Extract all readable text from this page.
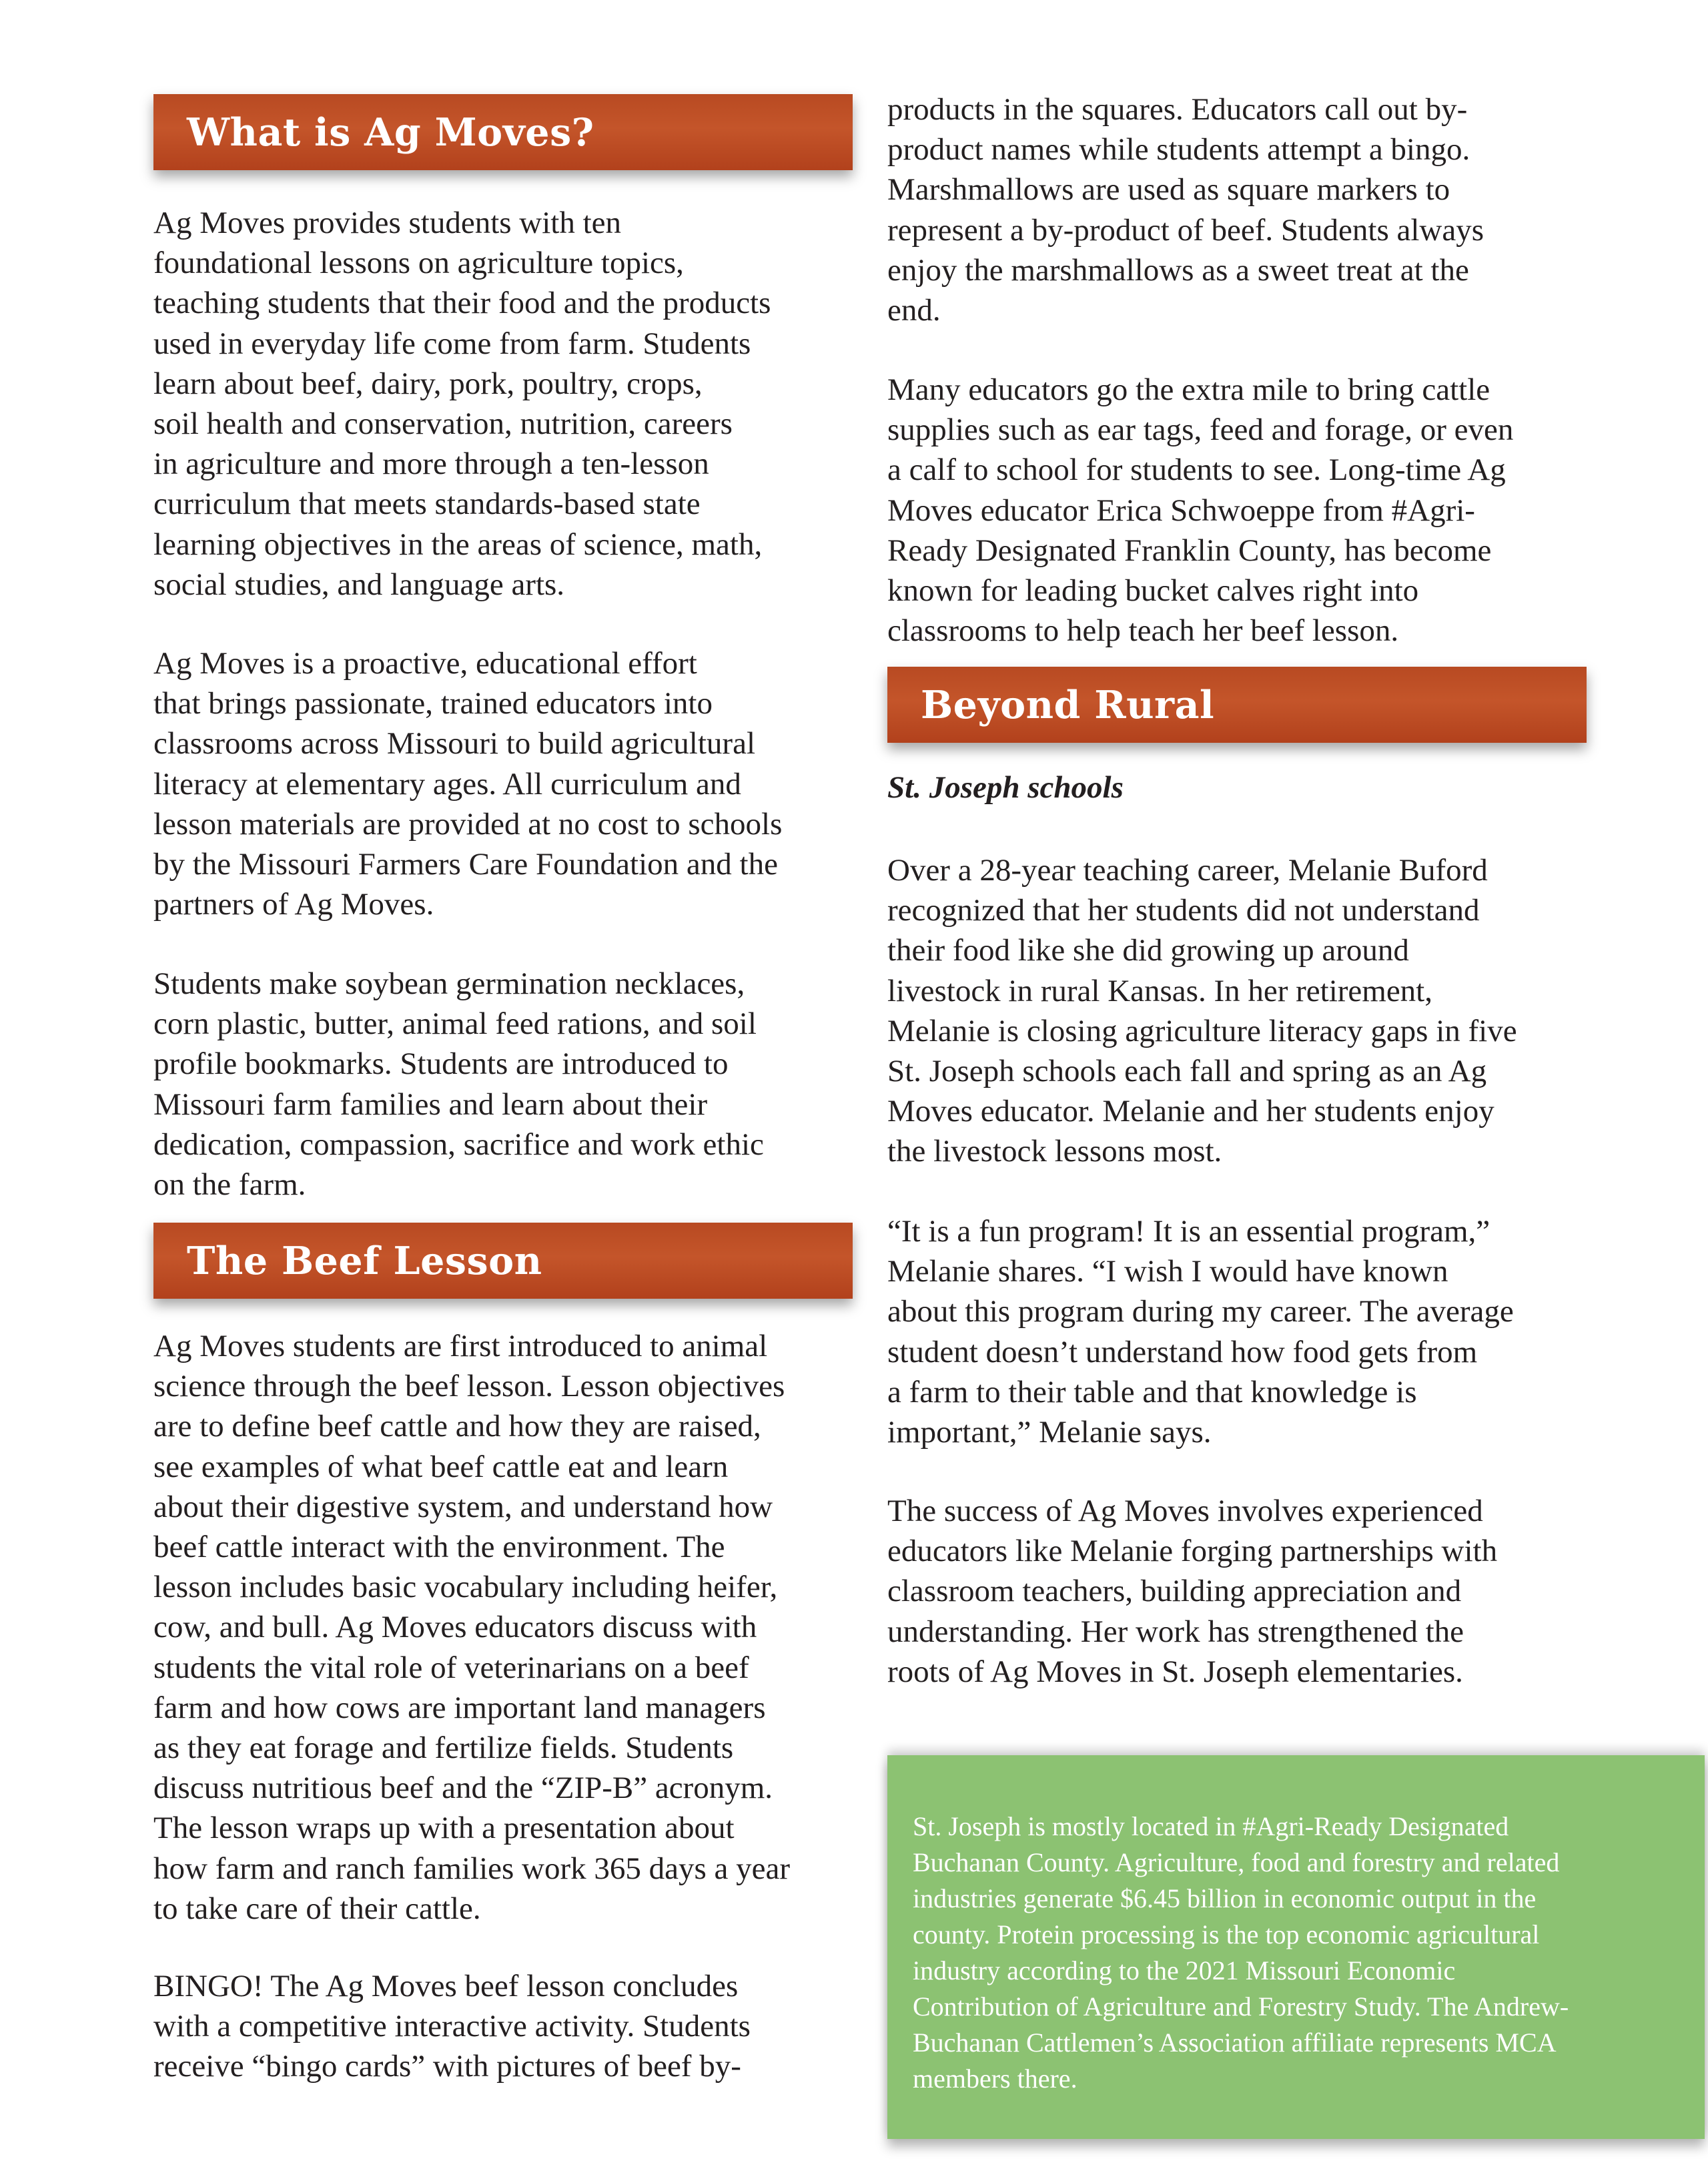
What is Ag Moves?

Ag Moves provides students with ten
foundational lessons on agriculture topics,
teaching students that their food and the products
used in everyday life come from farm. Students
learn about beef, dairy, pork, poultry, crops,
soil health and conservation, nutrition, careers
in agriculture and more through a ten-lesson
curriculum that meets standards-based state
learning objectives in the areas of science, math,
social studies, and language arts.

Ag Moves is a proactive, educational effort
that brings passionate, trained educators into
classrooms across Missouri to build agricultural
literacy at elementary ages. All curriculum and
lesson materials are provided at no cost to schools
by the Missouri Farmers Care Foundation and the
partners of Ag Moves.

Students make soybean germination necklaces,
corn plastic, butter, animal feed rations, and soil
profile bookmarks. Students are introduced to
Missouri farm families and learn about their
dedication, compassion, sacrifice and work ethic
on the farm.

The Beef Lesson

Ag Moves students are first introduced to animal
science through the beef lesson. Lesson objectives
are to define beef cattle and how they are raised,
see examples of what beef cattle eat and learn
about their digestive system, and understand how
beef cattle interact with the environment. The
lesson includes basic vocabulary including heifer,
cow, and bull. Ag Moves educators discuss with
students the vital role of veterinarians on a beef
farm and how cows are important land managers
as they eat forage and fertilize fields. Students
discuss nutritious beef and the “ZIP-B” acronym.
The lesson wraps up with a presentation about
how farm and ranch families work 365 days a year
to take care of their cattle.

BINGO! The Ag Moves beef lesson concludes
with a competitive interactive activity. Students
receive “bingo cards” with pictures of beef by-

products in the squares. Educators call out by-
product names while students attempt a bingo.
Marshmallows are used as square markers to
represent a by-product of beef. Students always
enjoy the marshmallows as a sweet treat at the
end.

Many educators go the extra mile to bring cattle
supplies such as ear tags, feed and forage, or even
a calf to school for students to see. Long-time Ag
Moves educator Erica Schwoeppe from #Agri-
Ready Designated Franklin County, has become
known for leading bucket calves right into
classrooms to help teach her beef lesson.

Beyond Rural

St. Joseph schools

Over a 28-year teaching career, Melanie Buford
recognized that her students did not understand
their food like she did growing up around
livestock in rural Kansas. In her retirement,
Melanie is closing agriculture literacy gaps in five
St. Joseph schools each fall and spring as an Ag
Moves educator. Melanie and her students enjoy
the livestock lessons most.

“It is a fun program! It is an essential program,”
Melanie shares. “I wish I would have known
about this program during my career. The average
student doesn’t understand how food gets from
a farm to their table and that knowledge is
important,” Melanie says.

The success of Ag Moves involves experienced
educators like Melanie forging partnerships with
classroom teachers, building appreciation and
understanding. Her work has strengthened the
roots of Ag Moves in St. Joseph elementaries.

St. Joseph is mostly located in #Agri-Ready Designated
Buchanan County. Agriculture, food and forestry and related
industries generate $6.45 billion in economic output in the
county. Protein processing is the top economic agricultural
industry according to the 2021 Missouri Economic
Contribution of Agriculture and Forestry Study. The Andrew-
Buchanan Cattlemen’s Association affiliate represents MCA
members there.
